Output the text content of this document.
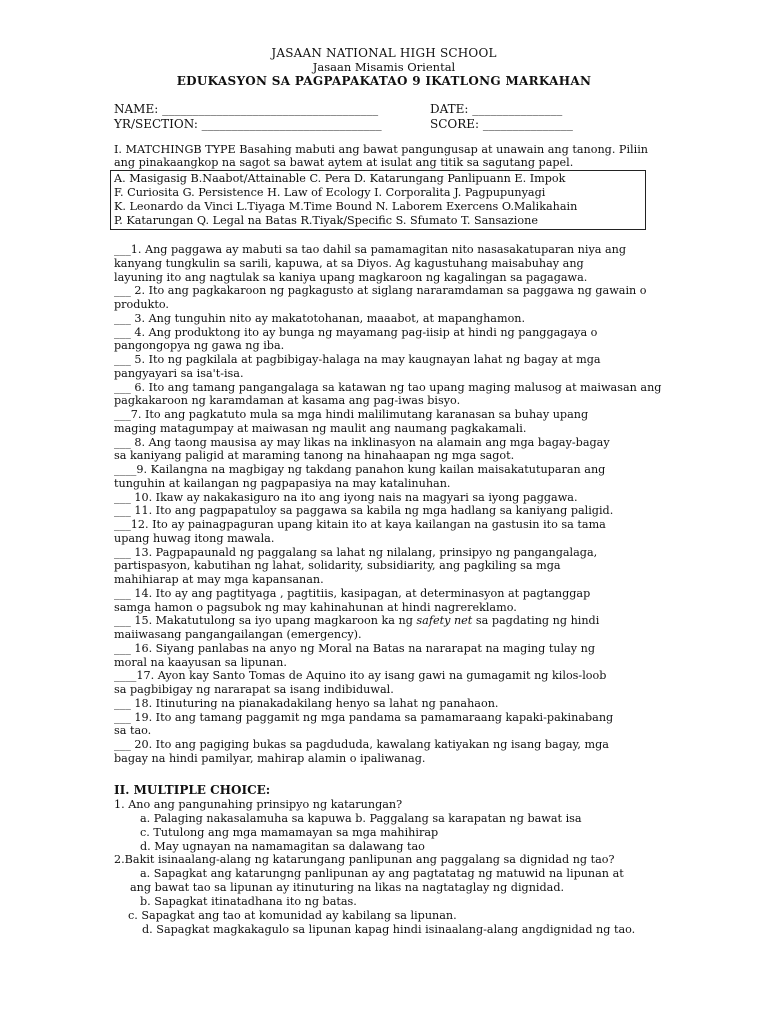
JASAAN NATIONAL HIGH SCHOOL
Jasaan Misamis Oriental
EDUKASYON SA PAGPAPAKATAO 9 IKATLONG MARKAHAN
NAME: ____________________________________	DATE: _______________
YR/SECTION: ______________________________	SCORE: _______________
I. MATCHINGB TYPE Basahing mabuti ang bawat pangungusap at unawain ang tanong. Piliin
ang pinakaangkop na sagot sa bawat aytem at isulat ang titik sa sagutang papel.
A. Masigasig B.Naabot/Attainable C. Pera D. Katarungang Panlipuann E. Impok
F. Curiosita G. Persistence H. Law of Ecology I. Corporalita J. Pagpupunyagi
K. Leonardo da Vinci L.Tiyaga M.Time Bound N. Laborem Exercens O.Malikahain
P. Katarungan Q. Legal na Batas R.Tiyak/Specific S. Sfumato T. Sansazione
___1. Ang paggawa ay mabuti sa tao dahil sa pamamagitan nito nasasakatuparan niya ang
kanyang tungkulin sa sarili, kapuwa, at sa Diyos. Ag kagustuhang maisabuhay ang
layuning ito ang nagtulak sa kaniya upang magkaroon ng kagalingan sa pagagawa.
___ 2. Ito ang pagkakaroon ng pagkagusto at siglang nararamdaman sa paggawa ng gawain o
produkto.
___ 3. Ang tunguhin nito ay makatotohanan, maaabot, at mapanghamon.
___ 4. Ang produktong ito ay bunga ng mayamang pag-iisip at hindi ng panggagaya o
pangongopya ng gawa ng iba.
___ 5. Ito ng pagkilala at pagbibigay-halaga na may kaugnayan lahat ng bagay at mga
pangyayari sa isa't-isa.
___ 6. Ito ang tamang pangangalaga sa katawan ng tao upang maging malusog at maiwasan ang
pagkakaroon ng karamdaman at kasama ang pag-iwas bisyo.
___7. Ito ang pagkatuto mula sa mga hindi malilimutang karanasan sa buhay upang
maging matagumpay at maiwasan ng maulit ang naumang pagkakamali.
___ 8. Ang taong mausisa ay may likas na inklinasyon na alamain ang mga bagay-bagay
sa kaniyang paligid at maraming tanong na hinahaapan ng mga sagot.
____9. Kailangna na magbigay ng takdang panahon kung kailan maisakatutuparan ang
tunguhin at kailangan ng pagpapasiya na may katalinuhan.
___ 10. Ikaw ay nakakasiguro na ito ang iyong nais na magyari sa iyong paggawa.
___ 11. Ito ang pagpapatuloy sa paggawa sa kabila ng mga hadlang sa kaniyang paligid.
___12. Ito ay painagpaguran upang kitain ito at kaya kailangan na gastusin ito sa tama
upang huwag itong mawala.
___ 13. Pagpapaunald ng paggalang sa lahat ng nilalang, prinsipyo ng pangangalaga,
partispasyon, kabutihan ng lahat, solidarity, subsidiarity, ang pagkiling sa mga
mahihiarap at may mga kapansanan.
___ 14. Ito ay ang pagtityaga , pagtitiis, kasipagan, at determinasyon at pagtanggap
samga hamon o pagsubok ng may kahinahunan at hindi nagrereklamo.
___ 15. Makatutulong sa iyo upang magkaroon ka ng safety net sa pagdating ng hindi
maiiwasang pangangailangan (emergency).
___ 16. Siyang panlabas na anyo ng Moral na Batas na nararapat na maging tulay ng
moral na kaayusan sa lipunan.
____17. Ayon kay Santo Tomas de Aquino ito ay isang gawi na gumagamit ng kilos-loob
sa pagbibigay ng nararapat sa isang indibiduwal.
___ 18. Itinuturing na pianakadakilang henyo sa lahat ng panahaon.
___ 19. Ito ang tamang paggamit ng mga pandama sa pamamaraang kapaki-pakinabang
sa tao.
___ 20. Ito ang pagiging bukas sa pagdududa, kawalang katiyakan ng isang bagay, mga
bagay na hindi pamilyar, mahirap alamin o ipaliwanag.
II. MULTIPLE CHOICE:
1. Ano ang pangunahing prinsipyo ng katarungan?
a. Palaging nakasalamuha sa kapuwa b. Paggalang sa karapatan ng bawat isa
c. Tutulong ang mga mamamayan sa mga mahihirap
d. May ugnayan na namamagitan sa dalawang tao
2.Bakit isinaalang-alang ng katarungang panlipunan ang paggalang sa dignidad ng tao?
a. Sapagkat ang katarungng panlipunan ay ang pagtatatag ng matuwid na lipunan at
ang bawat tao sa lipunan ay itinuturing na likas na nagtataglay ng dignidad.
b. Sapagkat itinatadhana ito ng batas.
c. Sapagkat ang tao at komunidad ay kabilang sa lipunan.
d. Sapagkat magkakagulo sa lipunan kapag hindi isinaalang-alang angdignidad ng tao.
